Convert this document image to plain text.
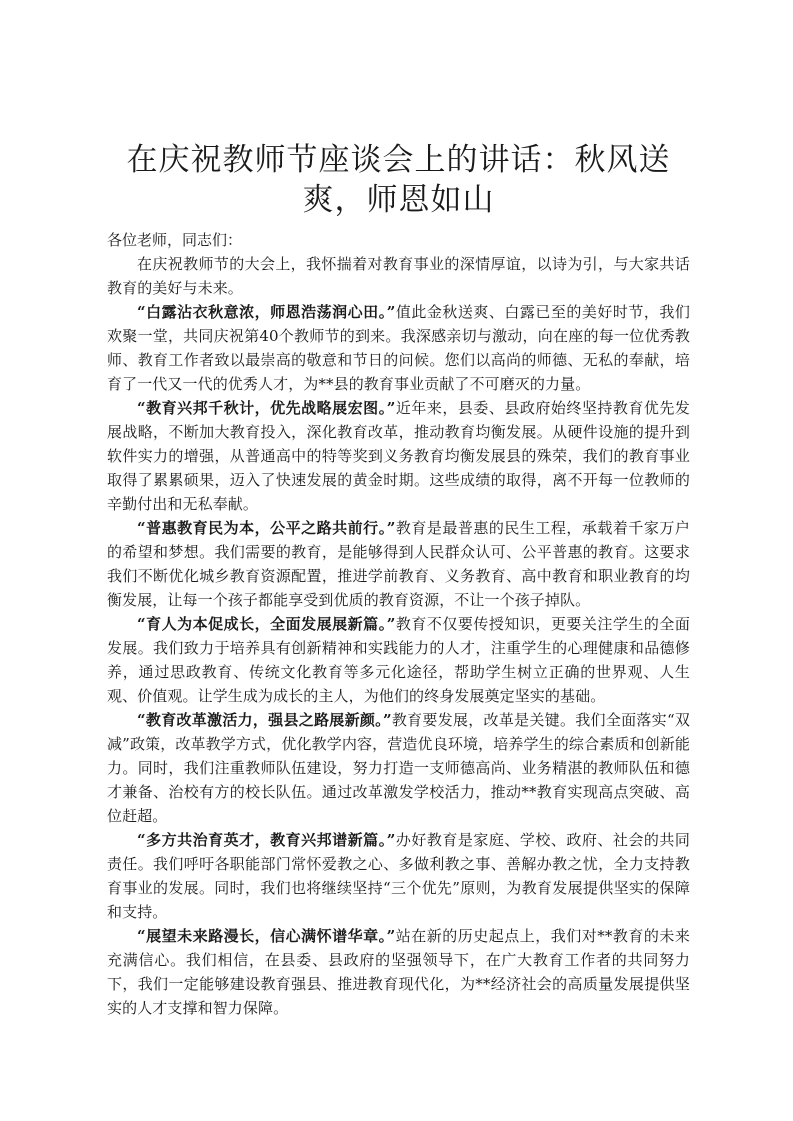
在庆祝教师节座谈会上的讲话：秋风送爽，师恩如山

各位老师，同志们：

在庆祝教师节的大会上，我怀揣着对教育事业的深情厚谊，以诗为引，与大家共话教育的美好与未来。

“白露沾衣秋意浓，师恩浩荡润心田。”值此金秋送爽、白露已至的美好时节，我们欢聚一堂，共同庆祝第40个教师节的到来。我深感亲切与激动，向在座的每一位优秀教师、教育工作者致以最崇高的敬意和节日的问候。您们以高尚的师德、无私的奉献，培育了一代又一代的优秀人才，为**县的教育事业贡献了不可磨灭的力量。

“教育兴邦千秋计，优先战略展宏图。”近年来，县委、县政府始终坚持教育优先发展战略，不断加大教育投入，深化教育改革，推动教育均衡发展。从硬件设施的提升到软件实力的增强，从普通高中的特等奖到义务教育均衡发展县的殊荣，我们的教育事业取得了累累硕果，迈入了快速发展的黄金时期。这些成绩的取得，离不开每一位教师的辛勤付出和无私奉献。

“普惠教育民为本，公平之路共前行。”教育是最普惠的民生工程，承载着千家万户的希望和梦想。我们需要的教育，是能够得到人民群众认可、公平普惠的教育。这要求我们不断优化城乡教育资源配置，推进学前教育、义务教育、高中教育和职业教育的均衡发展，让每一个孩子都能享受到优质的教育资源，不让一个孩子掉队。

“育人为本促成长，全面发展展新篇。”教育不仅要传授知识，更要关注学生的全面发展。我们致力于培养具有创新精神和实践能力的人才，注重学生的心理健康和品德修养，通过思政教育、传统文化教育等多元化途径，帮助学生树立正确的世界观、人生观、价值观。让学生成为成长的主人，为他们的终身发展奠定坚实的基础。

“教育改革激活力，强县之路展新颜。”教育要发展，改革是关键。我们全面落实“双减”政策，改革教学方式，优化教学内容，营造优良环境，培养学生的综合素质和创新能力。同时，我们注重教师队伍建设，努力打造一支师德高尚、业务精湛的教师队伍和德才兼备、治校有方的校长队伍。通过改革激发学校活力，推动**教育实现高点突破、高位赶超。

“多方共治育英才，教育兴邦谱新篇。”办好教育是家庭、学校、政府、社会的共同责任。我们呼吁各职能部门常怀爱教之心、多做利教之事、善解办教之忧，全力支持教育事业的发展。同时，我们也将继续坚持“三个优先”原则，为教育发展提供坚实的保障和支持。

“展望未来路漫长，信心满怀谱华章。”站在新的历史起点上，我们对**教育的未来充满信心。我们相信，在县委、县政府的坚强领导下，在广大教育工作者的共同努力下，我们一定能够建设教育强县、推进教育现代化，为**经济社会的高质量发展提供坚实的人才支撑和智力保障。
